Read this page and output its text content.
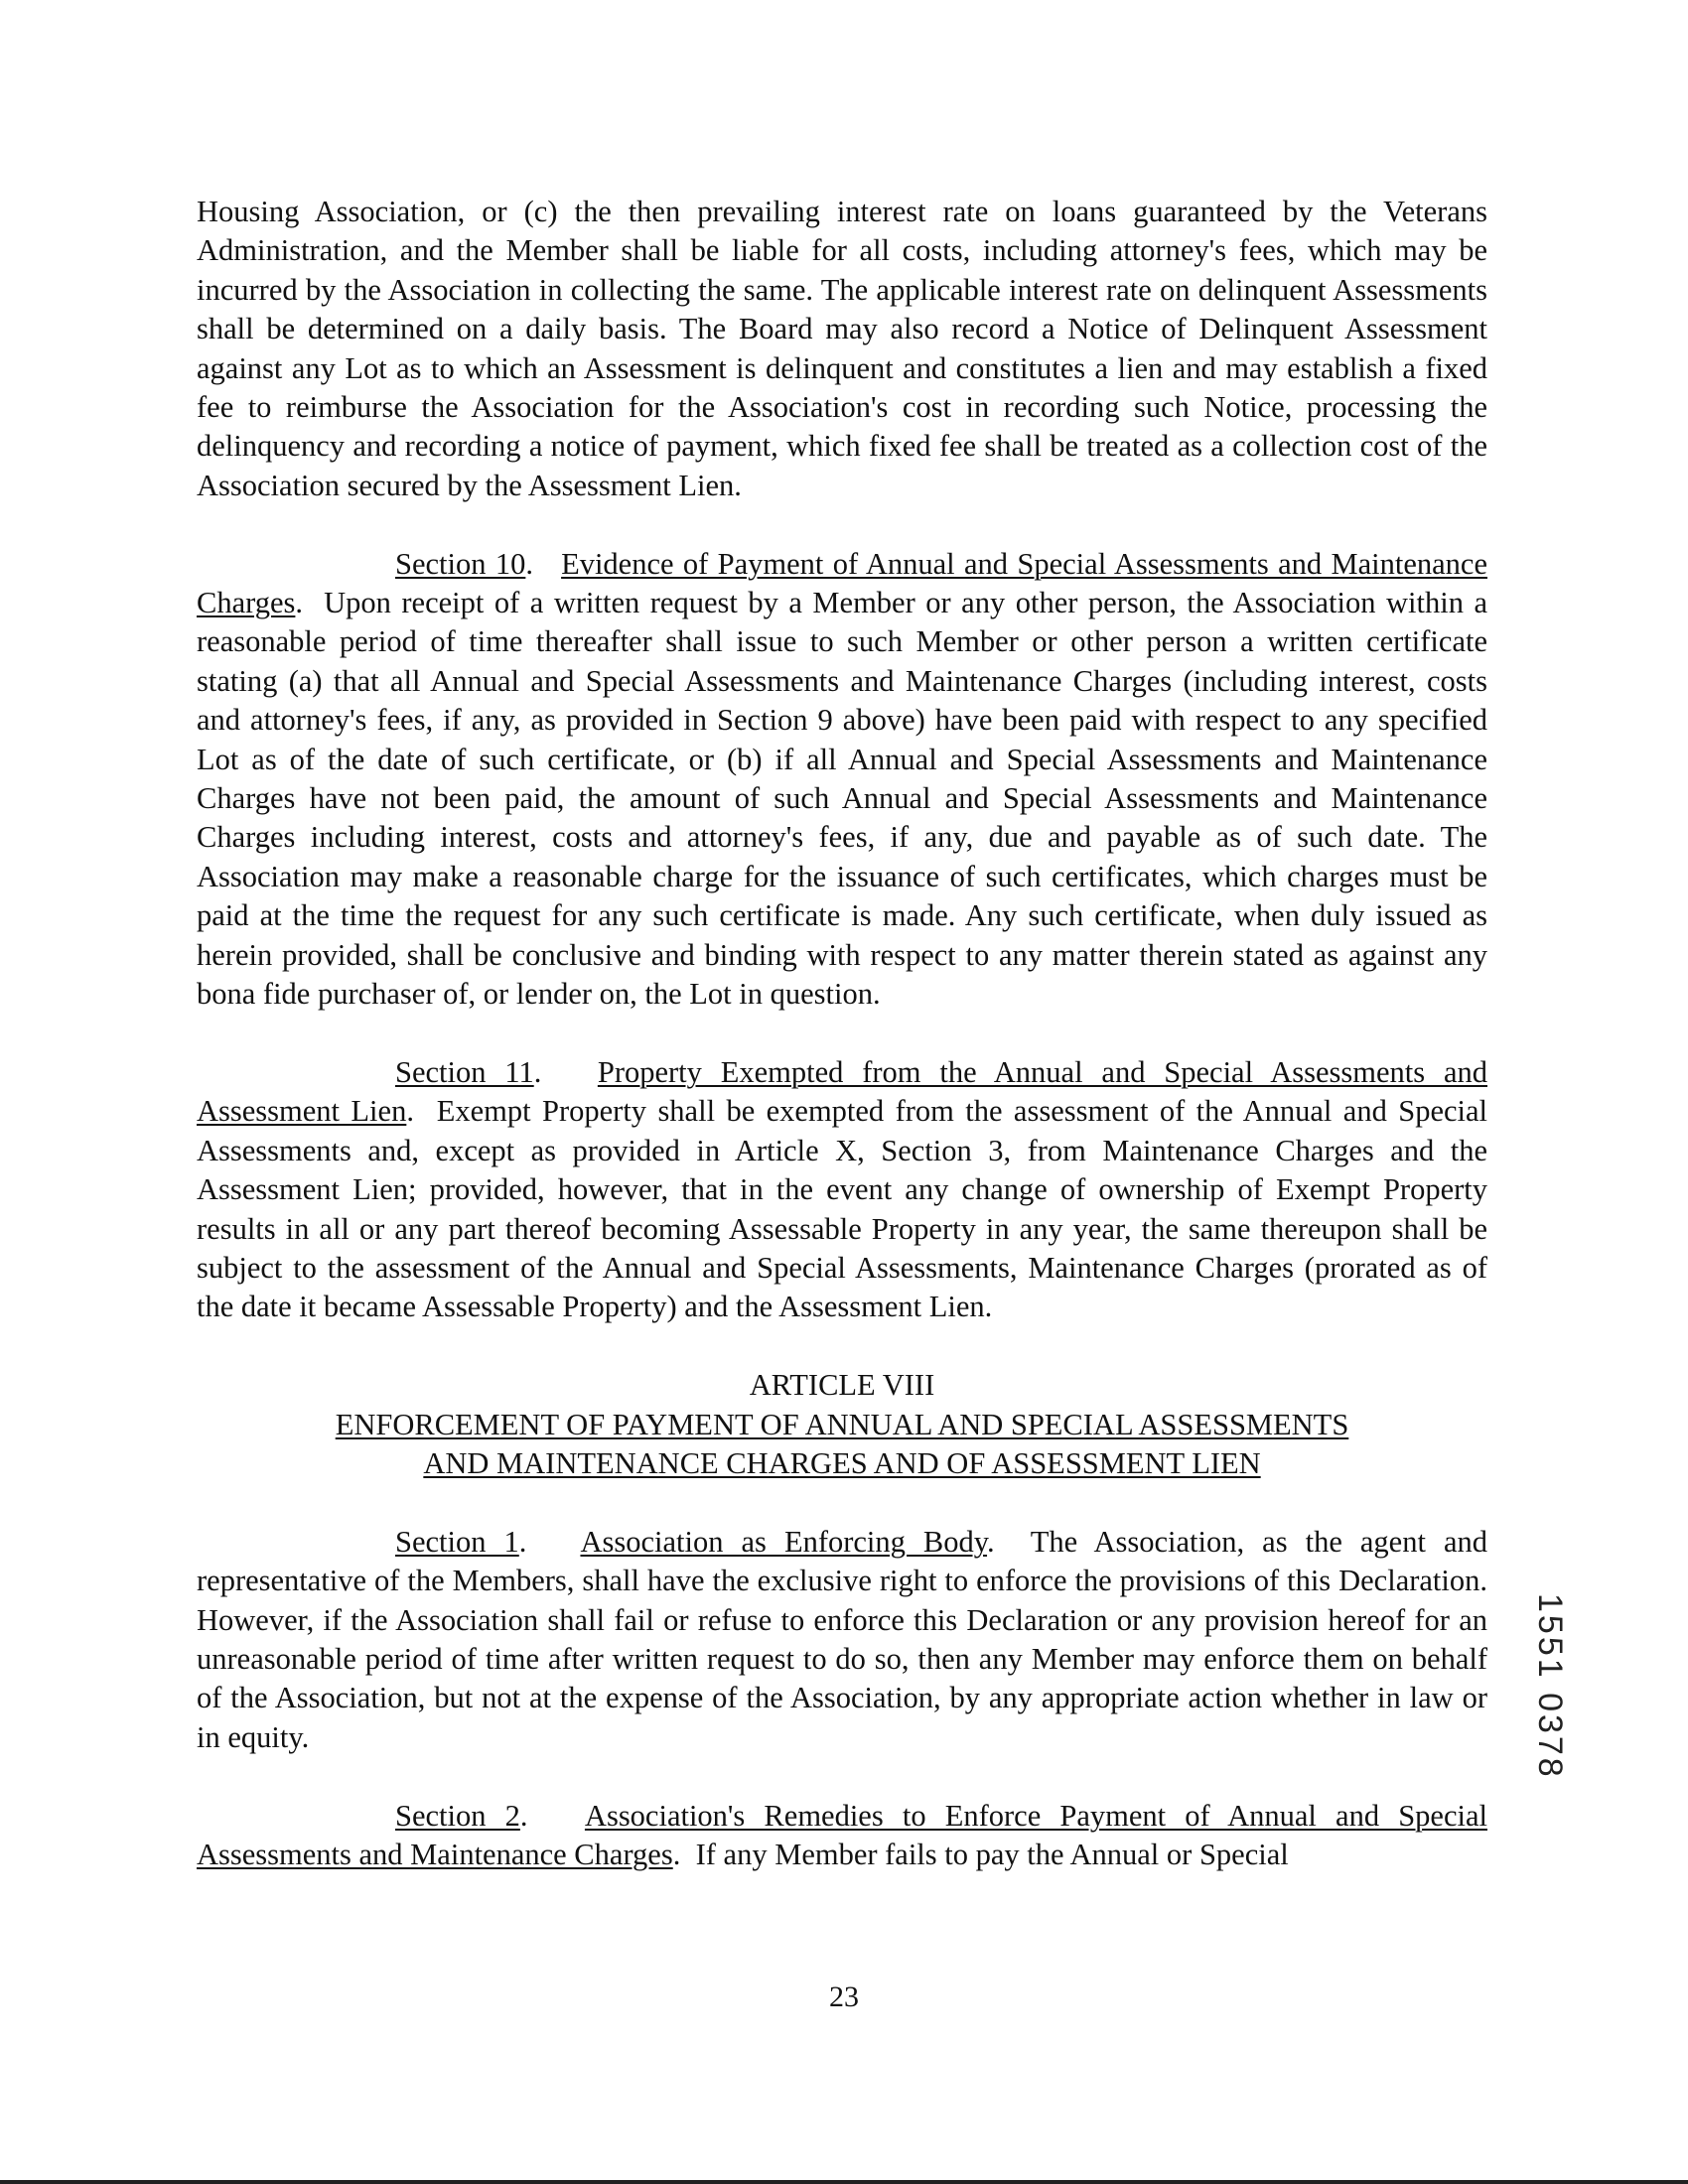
Housing Association, or (c) the then prevailing interest rate on loans guaranteed by the Veterans Administration, and the Member shall be liable for all costs, including attorney's fees, which may be incurred by the Association in collecting the same. The applicable interest rate on delinquent Assessments shall be determined on a daily basis. The Board may also record a Notice of Delinquent Assessment against any Lot as to which an Assessment is delinquent and constitutes a lien and may establish a fixed fee to reimburse the Association for the Association's cost in recording such Notice, processing the delinquency and recording a notice of payment, which fixed fee shall be treated as a collection cost of the Association secured by the Assessment Lien.

Section 10.   Evidence of Payment of Annual and Special Assessments and Maintenance Charges.  Upon receipt of a written request by a Member or any other person, the Association within a reasonable period of time thereafter shall issue to such Member or other person a written certificate stating (a) that all Annual and Special Assessments and Maintenance Charges (including interest, costs and attorney's fees, if any, as provided in Section 9 above) have been paid with respect to any specified Lot as of the date of such certificate, or (b) if all Annual and Special Assessments and Maintenance Charges have not been paid, the amount of such Annual and Special Assessments and Maintenance Charges including interest, costs and attorney's fees, if any, due and payable as of such date. The Association may make a reasonable charge for the issuance of such certificates, which charges must be paid at the time the request for any such certificate is made. Any such certificate, when duly issued as herein provided, shall be conclusive and binding with respect to any matter therein stated as against any bona fide purchaser of, or lender on, the Lot in question.

Section 11.   Property Exempted from the Annual and Special Assessments and Assessment Lien.  Exempt Property shall be exempted from the assessment of the Annual and Special Assessments and, except as provided in Article X, Section 3, from Maintenance Charges and the Assessment Lien; provided, however, that in the event any change of ownership of Exempt Property results in all or any part thereof becoming Assessable Property in any year, the same thereupon shall be subject to the assessment of the Annual and Special Assessments, Maintenance Charges (prorated as of the date it became Assessable Property) and the Assessment Lien.

ARTICLE VIII
ENFORCEMENT OF PAYMENT OF ANNUAL AND SPECIAL ASSESSMENTS
AND MAINTENANCE CHARGES AND OF ASSESSMENT LIEN

Section 1.   Association as Enforcing Body.  The Association, as the agent and representative of the Members, shall have the exclusive right to enforce the provisions of this Declaration. However, if the Association shall fail or refuse to enforce this Declaration or any provision hereof for an unreasonable period of time after written request to do so, then any Member may enforce them on behalf of the Association, but not at the expense of the Association, by any appropriate action whether in law or in equity.

Section 2.   Association's Remedies to Enforce Payment of Annual and Special Assessments and Maintenance Charges.  If any Member fails to pay the Annual or Special

23
1551 0378
